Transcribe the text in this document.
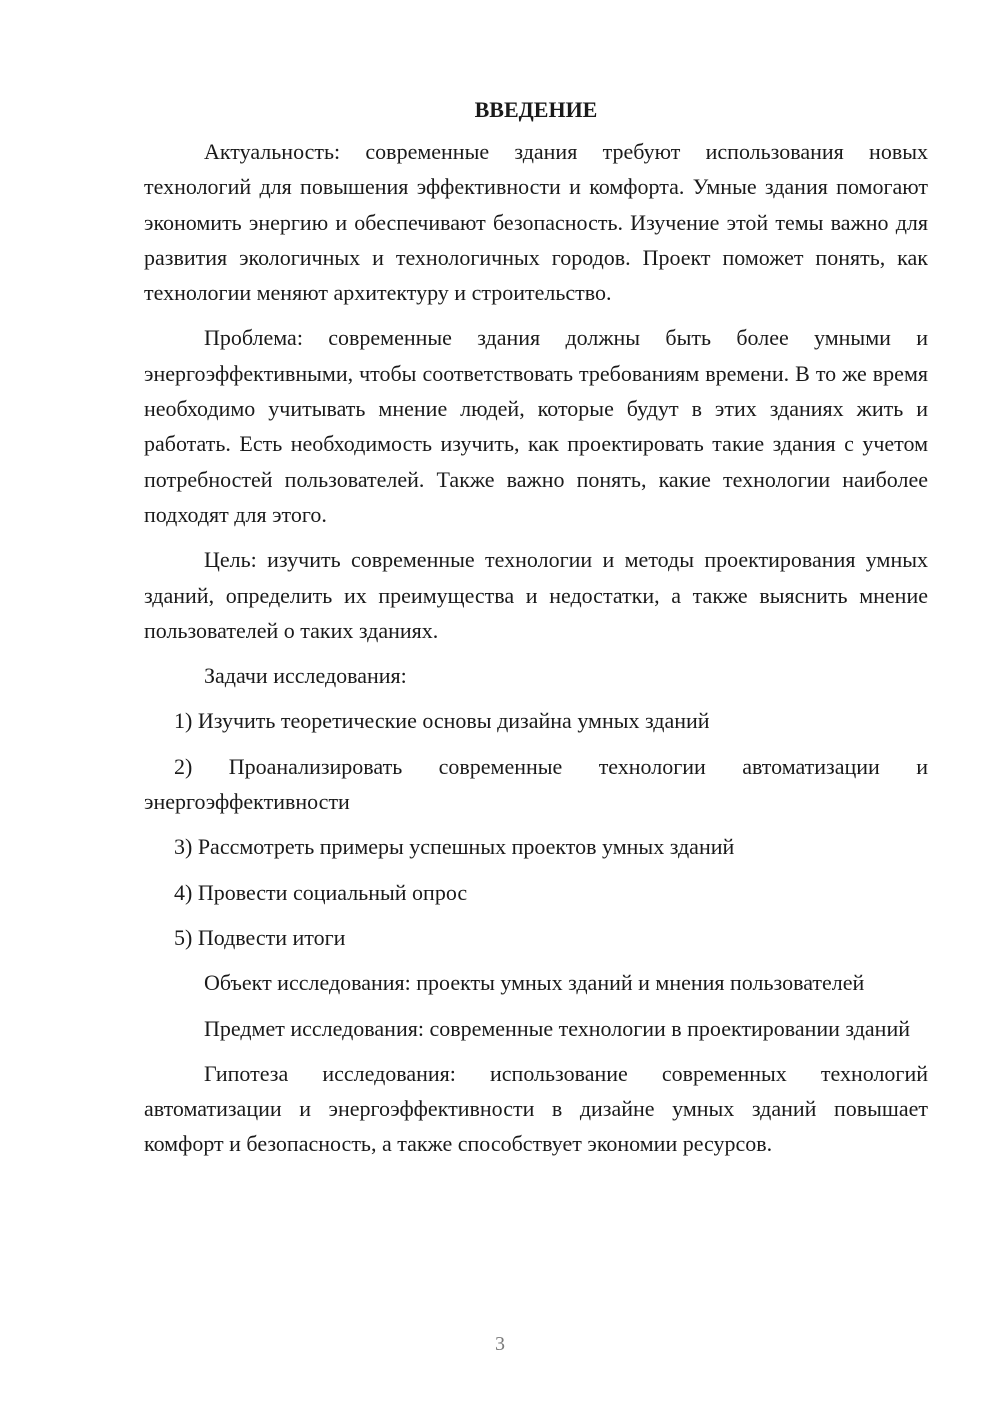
ВВЕДЕНИЕ

Актуальность: современные здания требуют использования новых технологий для повышения эффективности и комфорта. Умные здания помогают экономить энергию и обеспечивают безопасность. Изучение этой темы важно для развития экологичных и технологичных городов. Проект поможет понять, как технологии меняют архитектуру и строительство.

Проблема: современные здания должны быть более умными и энергоэффективными, чтобы соответствовать требованиям времени. В то же время необходимо учитывать мнение людей, которые будут в этих зданиях жить и работать. Есть необходимость изучить, как проектировать такие здания с учетом потребностей пользователей. Также важно понять, какие технологии наиболее подходят для этого.

Цель: изучить современные технологии и методы проектирования умных зданий, определить их преимущества и недостатки, а также выяснить мнение пользователей о таких зданиях.

Задачи исследования:

1) Изучить теоретические основы дизайна умных зданий

2) Проанализировать современные технологии автоматизации и энергоэффективности

3) Рассмотреть примеры успешных проектов умных зданий

4) Провести социальный опрос

5) Подвести итоги

Объект исследования: проекты умных зданий и мнения пользователей

Предмет исследования: современные технологии в проектировании зданий

Гипотеза исследования: использование современных технологий автоматизации и энергоэффективности в дизайне умных зданий повышает комфорт и безопасность, а также способствует экономии ресурсов.

3
